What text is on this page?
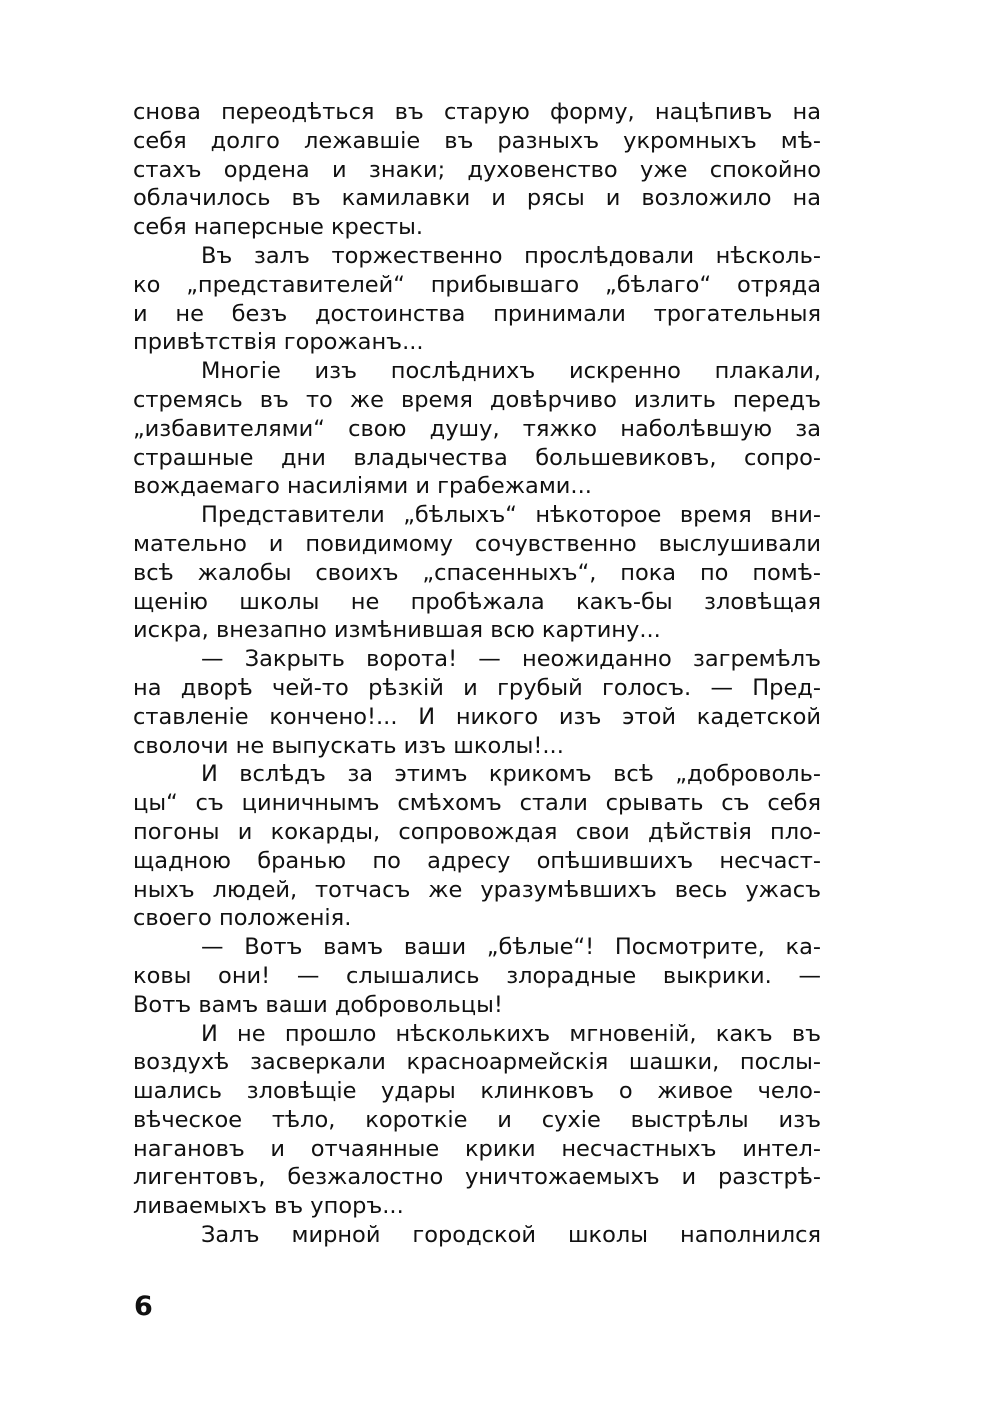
снова переодѣться въ старую форму, нацѣпивъ на
себя долго лежавшіе въ разныхъ укромныхъ мѣ-
стахъ ордена и знаки; духовенство уже спокойно
облачилось въ камилавки и рясы и возложило на
себя наперсные кресты.
Въ залъ торжественно прослѣдовали нѣсколь-
ко „представителей“ прибывшаго „бѣлаго“ отряда
и не безъ достоинства принимали трогательныя
привѣтствія горожанъ...
Многіе изъ послѣднихъ искренно плакали,
стремясь въ то же время довѣрчиво излить передъ
„избавителями“ свою душу, тяжко наболѣвшую за
страшные дни владычества большевиковъ, сопро-
вождаемаго насиліями и грабежами...
Представители „бѣлыхъ“ нѣкоторое время вни-
мательно и повидимому сочувственно выслушивали
всѣ жалобы своихъ „спасенныхъ“, пока по помѣ-
щенію школы не пробѣжала какъ-бы зловѣщая
искра, внезапно измѣнившая всю картину...
— Закрыть ворота! — неожиданно загремѣлъ
на дворѣ чей-то рѣзкій и грубый голосъ. — Пред-
ставленіе кончено!... И никого изъ этой кадетской
сволочи не выпускать изъ школы!...
И вслѣдъ за этимъ крикомъ всѣ „доброволь-
цы“ съ циничнымъ смѣхомъ стали срывать съ себя
погоны и кокарды, сопровождая свои дѣйствія пло-
щадною бранью по адресу опѣшившихъ несчаст-
ныхъ людей, тотчасъ же уразумѣвшихъ весь ужасъ
своего положенія.
— Вотъ вамъ ваши „бѣлые“! Посмотрите, ка-
ковы они! — слышались злорадные выкрики. —
Вотъ вамъ ваши добровольцы!
И не прошло нѣсколькихъ мгновеній, какъ въ
воздухѣ засверкали красноармейскія шашки, послы-
шались зловѣщіе удары клинковъ о живое чело-
вѣческое тѣло, короткіе и сухіе выстрѣлы изъ
нагановъ и отчаянные крики несчастныхъ интел-
лигентовъ, безжалостно уничтожаемыхъ и разстрѣ-
ливаемыхъ въ упоръ...
Залъ мирной городской школы наполнился
6
